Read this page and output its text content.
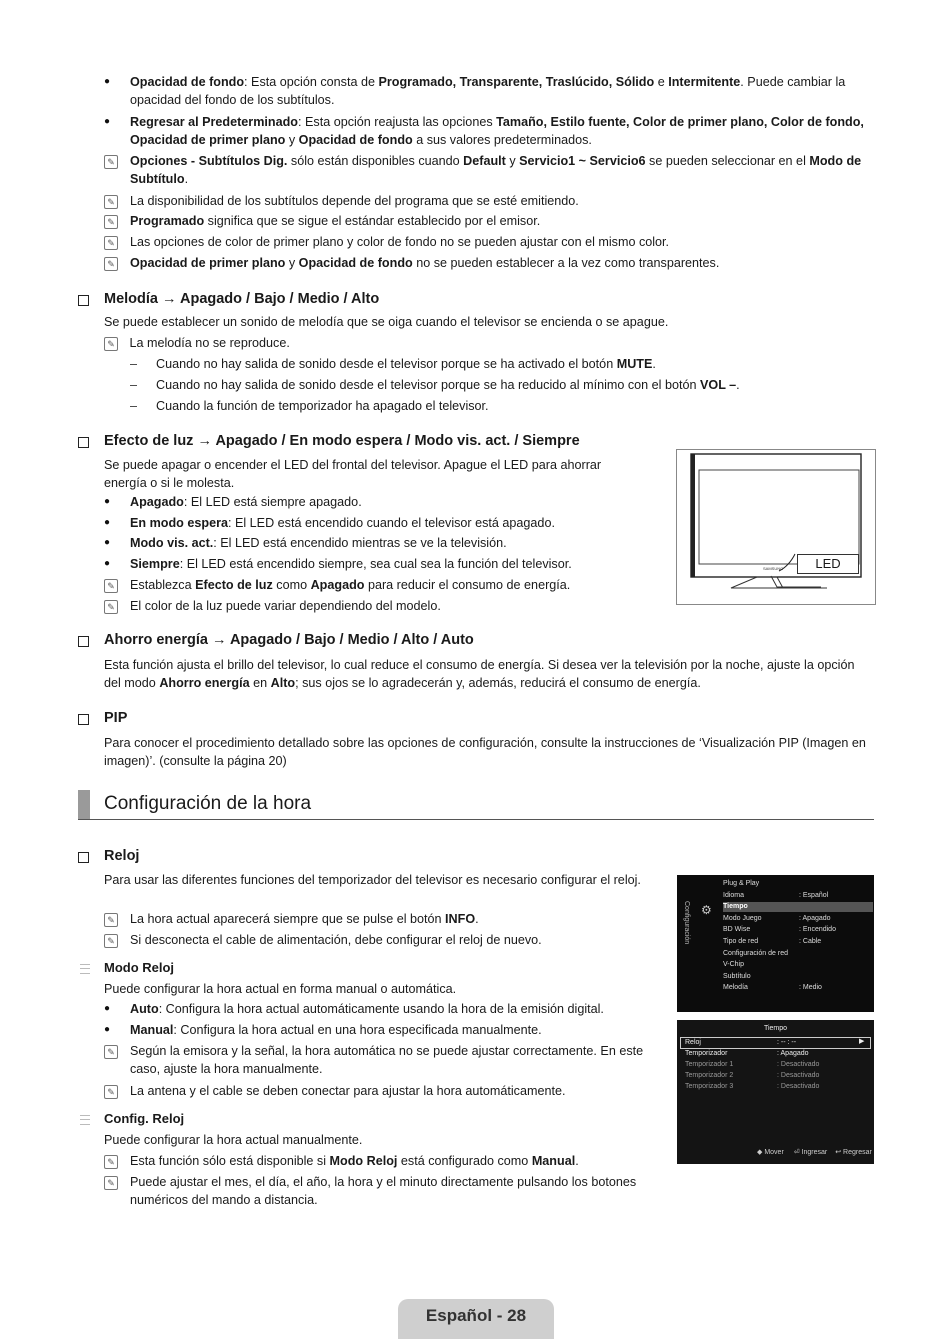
● Opacidad de fondo: Esta opción consta de Programado, Transparente, Traslúcido, Sólido e Intermitente. Puede cambiar la opacidad del fondo de los subtítulos.
● Regresar al Predeterminado: Esta opción reajusta las opciones Tamaño, Estilo fuente, Color de primer plano, Color de fondo, Opacidad de primer plano y Opacidad de fondo a sus valores predeterminados.
✎ Opciones - Subtítulos Dig. sólo están disponibles cuando Default y Servicio1 ~ Servicio6 se pueden seleccionar en el Modo de Subtítulo.
✎ La disponibilidad de los subtítulos depende del programa que se esté emitiendo.
✎ Programado significa que se sigue el estándar establecido por el emisor.
✎ Las opciones de color de primer plano y color de fondo no se pueden ajustar con el mismo color.
✎ Opacidad de primer plano y Opacidad de fondo no se pueden establecer a la vez como transparentes.
Melodía → Apagado / Bajo / Medio / Alto
Se puede establecer un sonido de melodía que se oiga cuando el televisor se encienda o se apague.
✎ La melodía no se reproduce.
– Cuando no hay salida de sonido desde el televisor porque se ha activado el botón MUTE.
– Cuando no hay salida de sonido desde el televisor porque se ha reducido al mínimo con el botón VOL –.
– Cuando la función de temporizador ha apagado el televisor.
Efecto de luz → Apagado / En modo espera / Modo vis. act. / Siempre
Se puede apagar o encender el LED del frontal del televisor. Apague el LED para ahorrar energía o si le molesta.
● Apagado: El LED está siempre apagado.
● En modo espera: El LED está encendido cuando el televisor está apagado.
● Modo vis. act.: El LED está encendido mientras se ve la televisión.
● Siempre: El LED está encendido siempre, sea cual sea la función del televisor.
✎ Establezca Efecto de luz como Apagado para reducir el consumo de energía.
✎ El color de la luz puede variar dependiendo del modelo.
SAMSUNG	LED
Ahorro energía → Apagado / Bajo / Medio / Alto / Auto
Esta función ajusta el brillo del televisor, lo cual reduce el consumo de energía. Si desea ver la televisión por la noche, ajuste la opción del modo Ahorro energía en Alto; sus ojos se lo agradecerán y, además, reducirá el consumo de energía.
PIP
Para conocer el procedimiento detallado sobre las opciones de configuración, consulte la instrucciones de ‘Visualización PIP (Imagen en imagen)’. (consulte la página 20)
Configuración de la hora
Reloj
Para usar las diferentes funciones del temporizador del televisor es necesario configurar el reloj.
✎ La hora actual aparecerá siempre que se pulse el botón INFO.
✎ Si desconecta el cable de alimentación, debe configurar el reloj de nuevo.
Modo Reloj
Puede configurar la hora actual en forma manual o automática.
● Auto: Configura la hora actual automáticamente usando la hora de la emisión digital.
● Manual: Configura la hora actual en una hora especificada manualmente.
✎ Según la emisora y la señal, la hora automática no se puede ajustar correctamente. En este caso, ajuste la hora manualmente.
✎ La antena y el cable se deben conectar para ajustar la hora automáticamente.
Config. Reloj
Puede configurar la hora actual manualmente.
✎ Esta función sólo está disponible si Modo Reloj está configurado como Manual.
✎ Puede ajustar el mes, el día, el año, la hora y el minuto directamente pulsando los botones numéricos del mando a distancia.
Configuración ⚙
Plug & Play
Idioma	: Español
Tiempo
Modo Juego	: Apagado
BD Wise	: Encendido
Tipo de red	: Cable
Configuración de red
V-Chip
Subtítulo
Melodía	: Medio
Tiempo
▶
Reloj	: -- : --
Temporizador	: Apagado
Temporizador 1	: Desactivado
Temporizador 2	: Desactivado
Temporizador 3	: Desactivado
◆ Mover ⏎ Ingresar ↩ Regresar
Español - 28
